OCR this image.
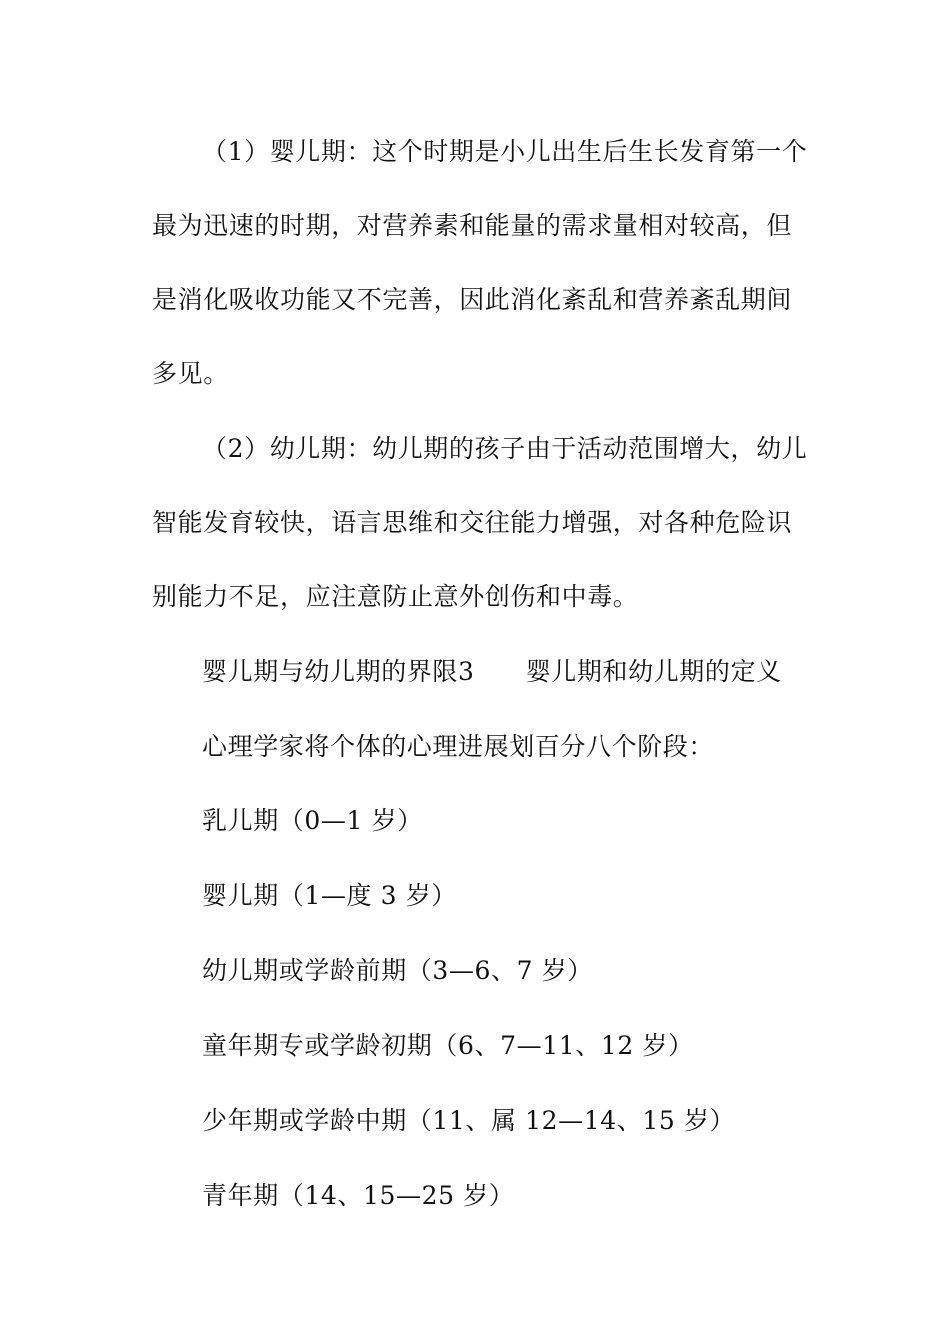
（1）婴儿期：这个时期是小儿出生后生长发育第一个
最为迅速的时期，对营养素和能量的需求量相对较高，但
是消化吸收功能又不完善，因此消化紊乱和营养紊乱期间
多见。
（2）幼儿期：幼儿期的孩子由于活动范围增大，幼儿
智能发育较快，语言思维和交往能力增强，对各种危险识
别能力不足，应注意防止意外创伤和中毒。
婴儿期与幼儿期的界限3　　婴儿期和幼儿期的定义
心理学家将个体的心理进展划百分八个阶段：
乳儿期（0—1 岁）
婴儿期（1—度 3 岁）
幼儿期或学龄前期（3—6、7 岁）
童年期专或学龄初期（6、7—11、12 岁）
少年期或学龄中期（11、属 12—14、15 岁）
青年期（14、15—25 岁）
